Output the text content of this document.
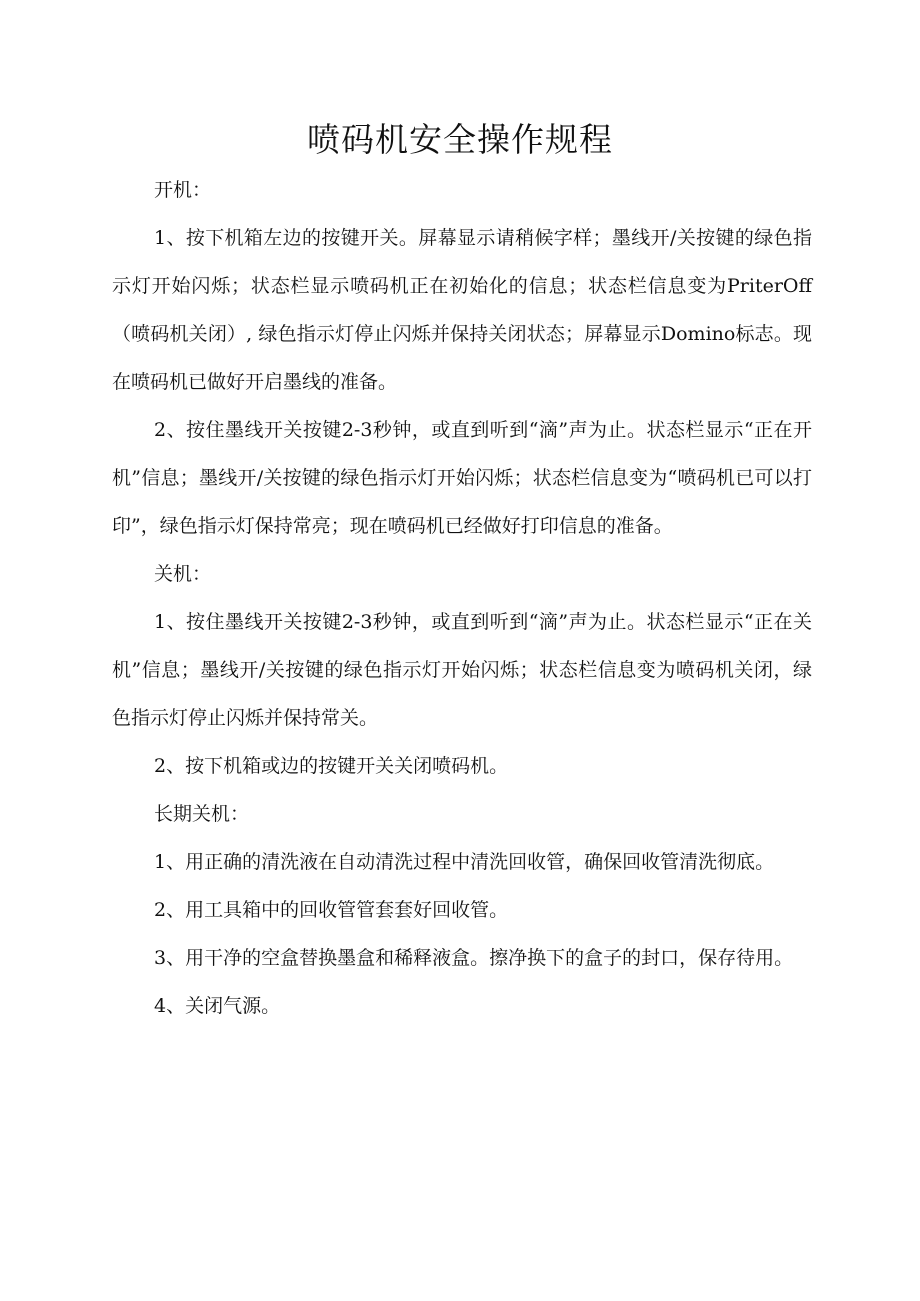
喷码机安全操作规程

开机：

1、按下机箱左边的按键开关。屏幕显示请稍候字样；墨线开/关按键的绿色指示灯开始闪烁；状态栏显示喷码机正在初始化的信息；状态栏信息变为PriterOff（喷码机关闭）, 绿色指示灯停止闪烁并保持关闭状态；屏幕显示Domino标志。现在喷码机已做好开启墨线的准备。

2、按住墨线开关按键2-3秒钟，或直到听到“滴”声为止。状态栏显示“正在开机”信息；墨线开/关按键的绿色指示灯开始闪烁；状态栏信息变为“喷码机已可以打印”，绿色指示灯保持常亮；现在喷码机已经做好打印信息的准备。

关机：

1、按住墨线开关按键2-3秒钟，或直到听到“滴”声为止。状态栏显示“正在关机”信息；墨线开/关按键的绿色指示灯开始闪烁；状态栏信息变为喷码机关闭，绿色指示灯停止闪烁并保持常关。

2、按下机箱或边的按键开关关闭喷码机。

长期关机：

1、用正确的清洗液在自动清洗过程中清洗回收管，确保回收管清洗彻底。

2、用工具箱中的回收管管套套好回收管。

3、用干净的空盒替换墨盒和稀释液盒。擦净换下的盒子的封口，保存待用。

4、关闭气源。
